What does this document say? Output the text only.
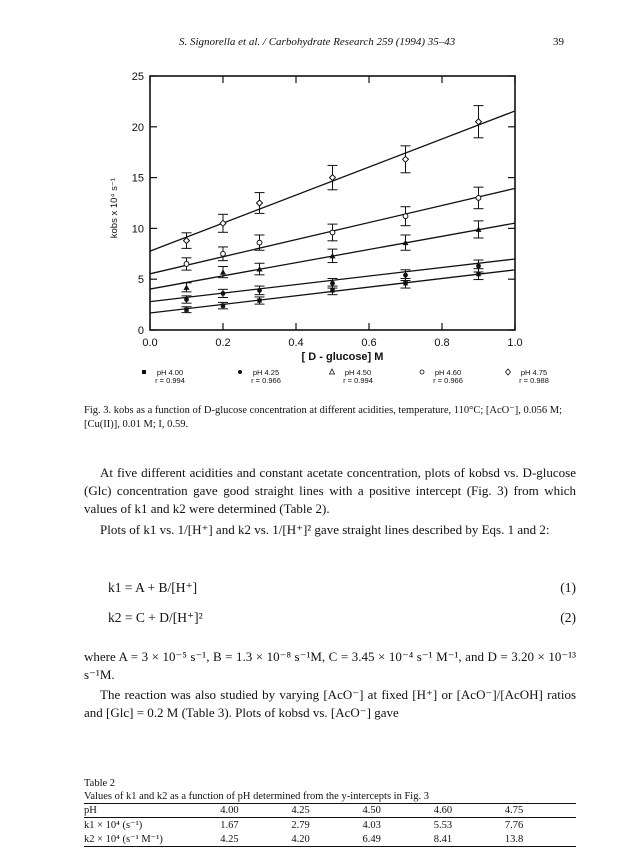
S. Signorella et al. / Carbohydrate Research 259 (1994) 35–43	39
0.0	0.2	0.4	0.6	0.8	1.0
0
5
10
15
20
25
[ D - glucose] M
kobs x 10⁴ s⁻¹
pH 4.00
r = 0.994
pH 4.25
r = 0.966
pH 4.50
r = 0.994
pH 4.60
r = 0.966
pH 4.75
r = 0.988
Fig. 3. kobs as a function of D-glucose concentration at different acidities, temperature, 110°C; [AcO⁻], 0.056 M; [Cu(II)], 0.01 M; I, 0.59.
At five different acidities and constant acetate concentration, plots of kobsd vs. D-glucose (Glc) concentration gave good straight lines with a positive intercept (Fig. 3) from which values of k1 and k2 were determined (Table 2).
Plots of k1 vs. 1/[H⁺] and k2 vs. 1/[H⁺]² gave straight lines described by Eqs. 1 and 2:
k1 = A + B/[H⁺]	(1)
k2 = C + D/[H⁺]²	(2)
where A = 3 × 10⁻⁵ s⁻¹, B = 1.3 × 10⁻⁸ s⁻¹M, C = 3.45 × 10⁻⁴ s⁻¹ M⁻¹, and D = 3.20 × 10⁻¹³ s⁻¹M.
The reaction was also studied by varying [AcO⁻] at fixed [H⁺] or [AcO⁻]/[AcOH] ratios and [Glc] = 0.2 M (Table 3). Plots of kobsd vs. [AcO⁻] gave
Table 2
Values of k1 and k2 as a function of pH determined from the y-intercepts in Fig. 3
pH	4.00	4.25	4.50	4.60	4.75
k1 × 10⁴ (s⁻¹)	1.67	2.79	4.03	5.53	7.76
k2 × 10⁴ (s⁻¹ M⁻¹)	4.25	4.20	6.49	8.41	13.8
